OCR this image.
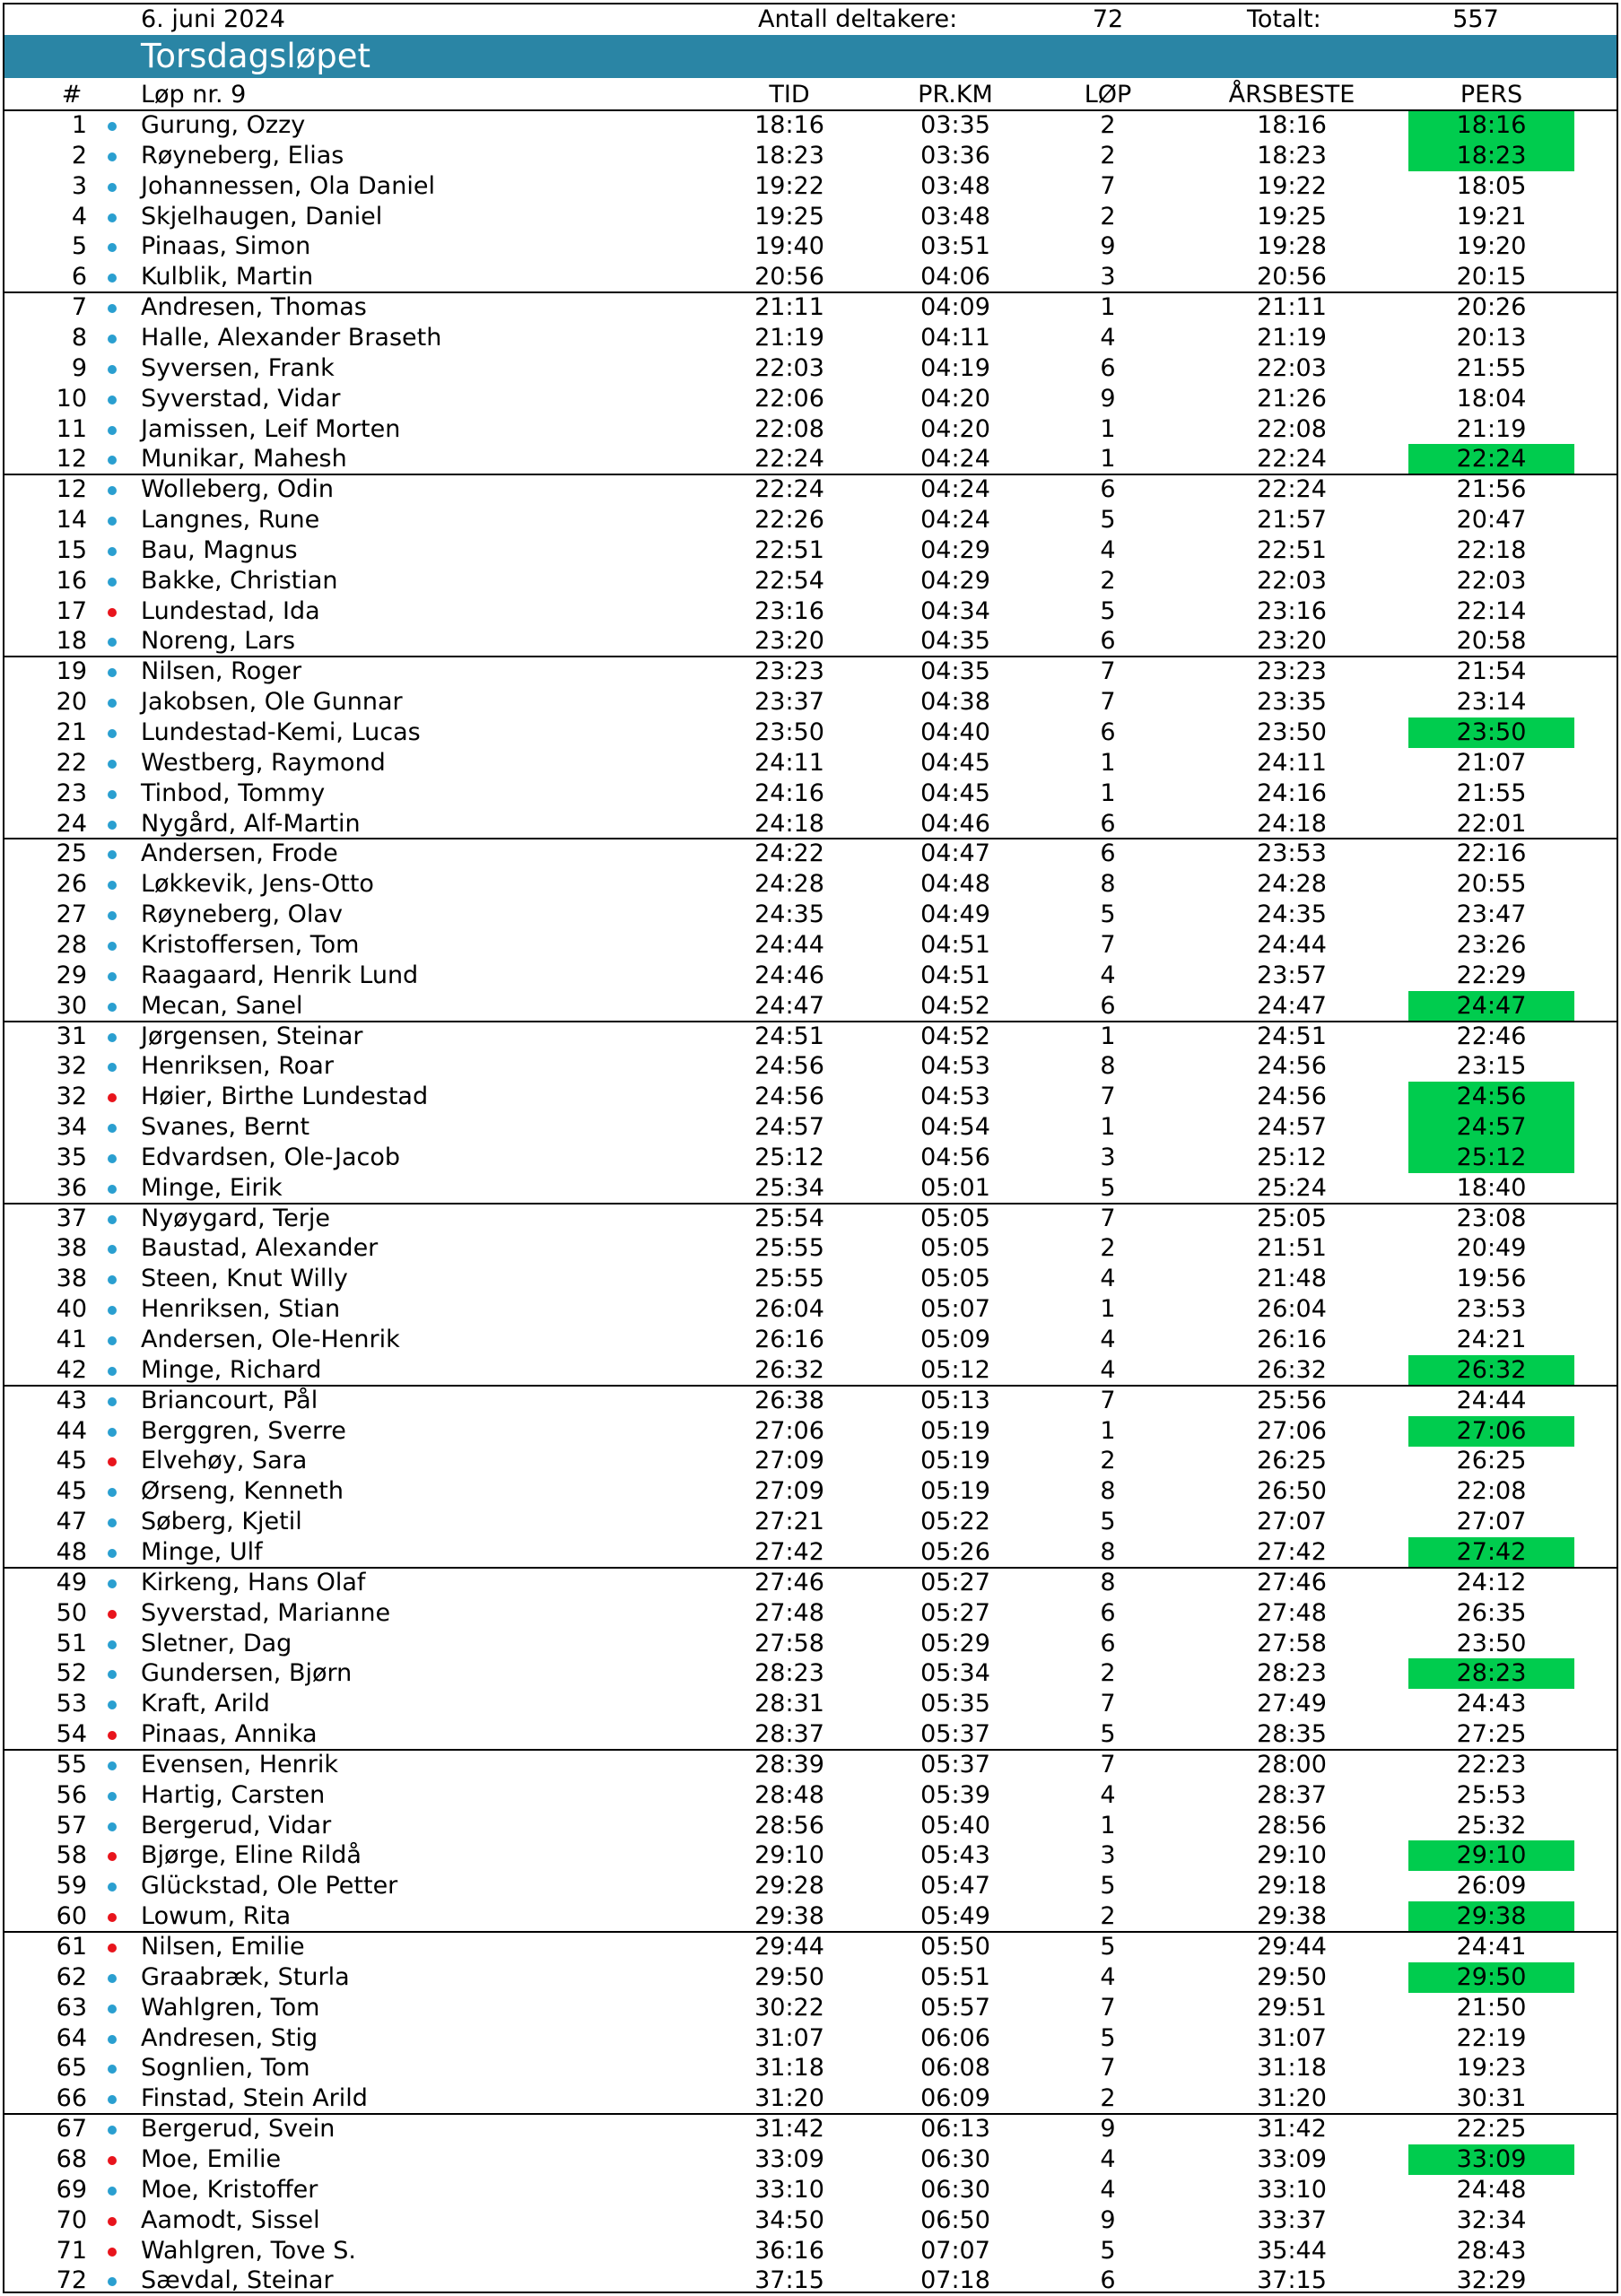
6. juni 2024	Antall deltakere:	72	Totalt:	557
Torsdagsløpet
#	Løp nr. 9	TID	PR.KM	LØP	ÅRSBESTE	PERS
1 Gurung, Ozzy	18:16	03:35	2	18:16	18:16
2 Røyneberg, Elias	18:23	03:36	2	18:23	18:23
3 Johannessen, Ola Daniel	19:22	03:48	7	19:22	18:05
4 Skjelhaugen, Daniel	19:25	03:48	2	19:25	19:21
5 Pinaas, Simon	19:40	03:51	9	19:28	19:20
6 Kulblik, Martin	20:56	04:06	3	20:56	20:15
7 Andresen, Thomas	21:11	04:09	1	21:11	20:26
8 Halle, Alexander Braseth	21:19	04:11	4	21:19	20:13
9 Syversen, Frank	22:03	04:19	6	22:03	21:55
10 Syverstad, Vidar	22:06	04:20	9	21:26	18:04
11 Jamissen, Leif Morten	22:08	04:20	1	22:08	21:19
12 Munikar, Mahesh	22:24	04:24	1	22:24	22:24
12 Wolleberg, Odin	22:24	04:24	6	22:24	21:56
14 Langnes, Rune	22:26	04:24	5	21:57	20:47
15 Bau, Magnus	22:51	04:29	4	22:51	22:18
16 Bakke, Christian	22:54	04:29	2	22:03	22:03
17 Lundestad, Ida	23:16	04:34	5	23:16	22:14
18 Noreng, Lars	23:20	04:35	6	23:20	20:58
19 Nilsen, Roger	23:23	04:35	7	23:23	21:54
20 Jakobsen, Ole Gunnar	23:37	04:38	7	23:35	23:14
21 Lundestad-Kemi, Lucas	23:50	04:40	6	23:50	23:50
22 Westberg, Raymond	24:11	04:45	1	24:11	21:07
23 Tinbod, Tommy	24:16	04:45	1	24:16	21:55
24 Nygård, Alf-Martin	24:18	04:46	6	24:18	22:01
25 Andersen, Frode	24:22	04:47	6	23:53	22:16
26 Løkkevik, Jens-Otto	24:28	04:48	8	24:28	20:55
27 Røyneberg, Olav	24:35	04:49	5	24:35	23:47
28 Kristoffersen, Tom	24:44	04:51	7	24:44	23:26
29 Raagaard, Henrik Lund	24:46	04:51	4	23:57	22:29
30 Mecan, Sanel	24:47	04:52	6	24:47	24:47
31 Jørgensen, Steinar	24:51	04:52	1	24:51	22:46
32 Henriksen, Roar	24:56	04:53	8	24:56	23:15
32 Høier, Birthe Lundestad	24:56	04:53	7	24:56	24:56
34 Svanes, Bernt	24:57	04:54	1	24:57	24:57
35 Edvardsen, Ole-Jacob	25:12	04:56	3	25:12	25:12
36 Minge, Eirik	25:34	05:01	5	25:24	18:40
37 Nyøygard, Terje	25:54	05:05	7	25:05	23:08
38 Baustad, Alexander	25:55	05:05	2	21:51	20:49
38 Steen, Knut Willy	25:55	05:05	4	21:48	19:56
40 Henriksen, Stian	26:04	05:07	1	26:04	23:53
41 Andersen, Ole-Henrik	26:16	05:09	4	26:16	24:21
42 Minge, Richard	26:32	05:12	4	26:32	26:32
43 Briancourt, Pål	26:38	05:13	7	25:56	24:44
44 Berggren, Sverre	27:06	05:19	1	27:06	27:06
45 Elvehøy, Sara	27:09	05:19	2	26:25	26:25
45 Ørseng, Kenneth	27:09	05:19	8	26:50	22:08
47 Søberg, Kjetil	27:21	05:22	5	27:07	27:07
48 Minge, Ulf	27:42	05:26	8	27:42	27:42
49 Kirkeng, Hans Olaf	27:46	05:27	8	27:46	24:12
50 Syverstad, Marianne	27:48	05:27	6	27:48	26:35
51 Sletner, Dag	27:58	05:29	6	27:58	23:50
52 Gundersen, Bjørn	28:23	05:34	2	28:23	28:23
53 Kraft, Arild	28:31	05:35	7	27:49	24:43
54 Pinaas, Annika	28:37	05:37	5	28:35	27:25
55 Evensen, Henrik	28:39	05:37	7	28:00	22:23
56 Hartig, Carsten	28:48	05:39	4	28:37	25:53
57 Bergerud, Vidar	28:56	05:40	1	28:56	25:32
58 Bjørge, Eline Rildå	29:10	05:43	3	29:10	29:10
59 Glückstad, Ole Petter	29:28	05:47	5	29:18	26:09
60 Lowum, Rita	29:38	05:49	2	29:38	29:38
61 Nilsen, Emilie	29:44	05:50	5	29:44	24:41
62 Graabræk, Sturla	29:50	05:51	4	29:50	29:50
63 Wahlgren, Tom	30:22	05:57	7	29:51	21:50
64 Andresen, Stig	31:07	06:06	5	31:07	22:19
65 Sognlien, Tom	31:18	06:08	7	31:18	19:23
66 Finstad, Stein Arild	31:20	06:09	2	31:20	30:31
67 Bergerud, Svein	31:42	06:13	9	31:42	22:25
68 Moe, Emilie	33:09	06:30	4	33:09	33:09
69 Moe, Kristoffer	33:10	06:30	4	33:10	24:48
70 Aamodt, Sissel	34:50	06:50	9	33:37	32:34
71 Wahlgren, Tove S.	36:16	07:07	5	35:44	28:43
72 Sævdal, Steinar	37:15	07:18	6	37:15	32:29
